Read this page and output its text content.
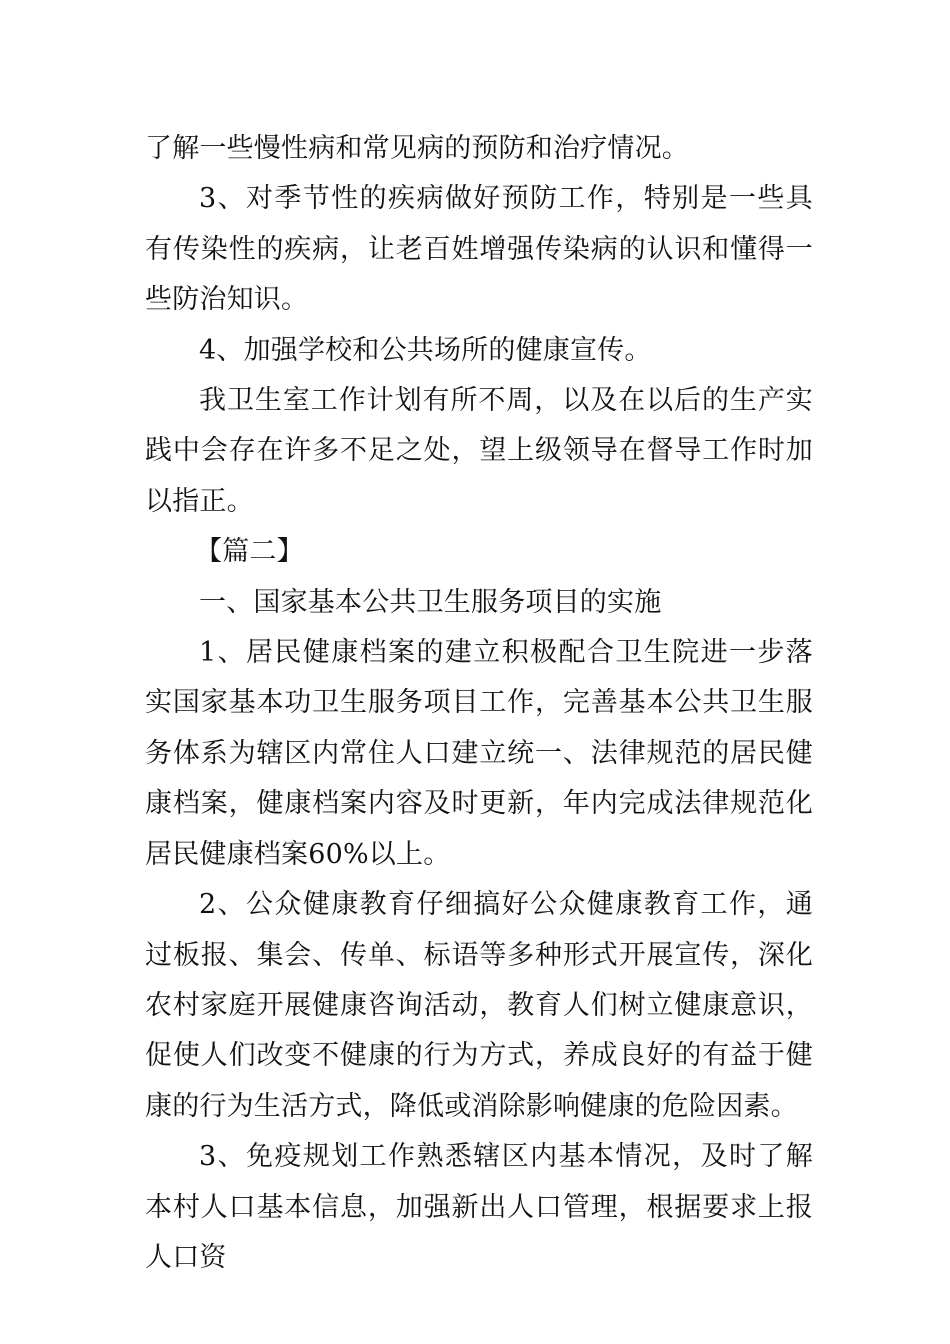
了解一些慢性病和常见病的预防和治疗情况。

3、对季节性的疾病做好预防工作，特别是一些具有传染性的疾病，让老百姓增强传染病的认识和懂得一些防治知识。

4、加强学校和公共场所的健康宣传。

我卫生室工作计划有所不周，以及在以后的生产实践中会存在许多不足之处，望上级领导在督导工作时加以指正。

【篇二】

一、国家基本公共卫生服务项目的实施

1、居民健康档案的建立积极配合卫生院进一步落实国家基本功卫生服务项目工作，完善基本公共卫生服务体系为辖区内常住人口建立统一、法律规范的居民健康档案，健康档案内容及时更新，年内完成法律规范化居民健康档案60%以上。

2、公众健康教育仔细搞好公众健康教育工作，通过板报、集会、传单、标语等多种形式开展宣传，深化农村家庭开展健康咨询活动，教育人们树立健康意识，促使人们改变不健康的行为方式，养成良好的有益于健康的行为生活方式，降低或消除影响健康的危险因素。

3、免疫规划工作熟悉辖区内基本情况，及时了解本村人口基本信息，加强新出人口管理，根据要求上报人口资
